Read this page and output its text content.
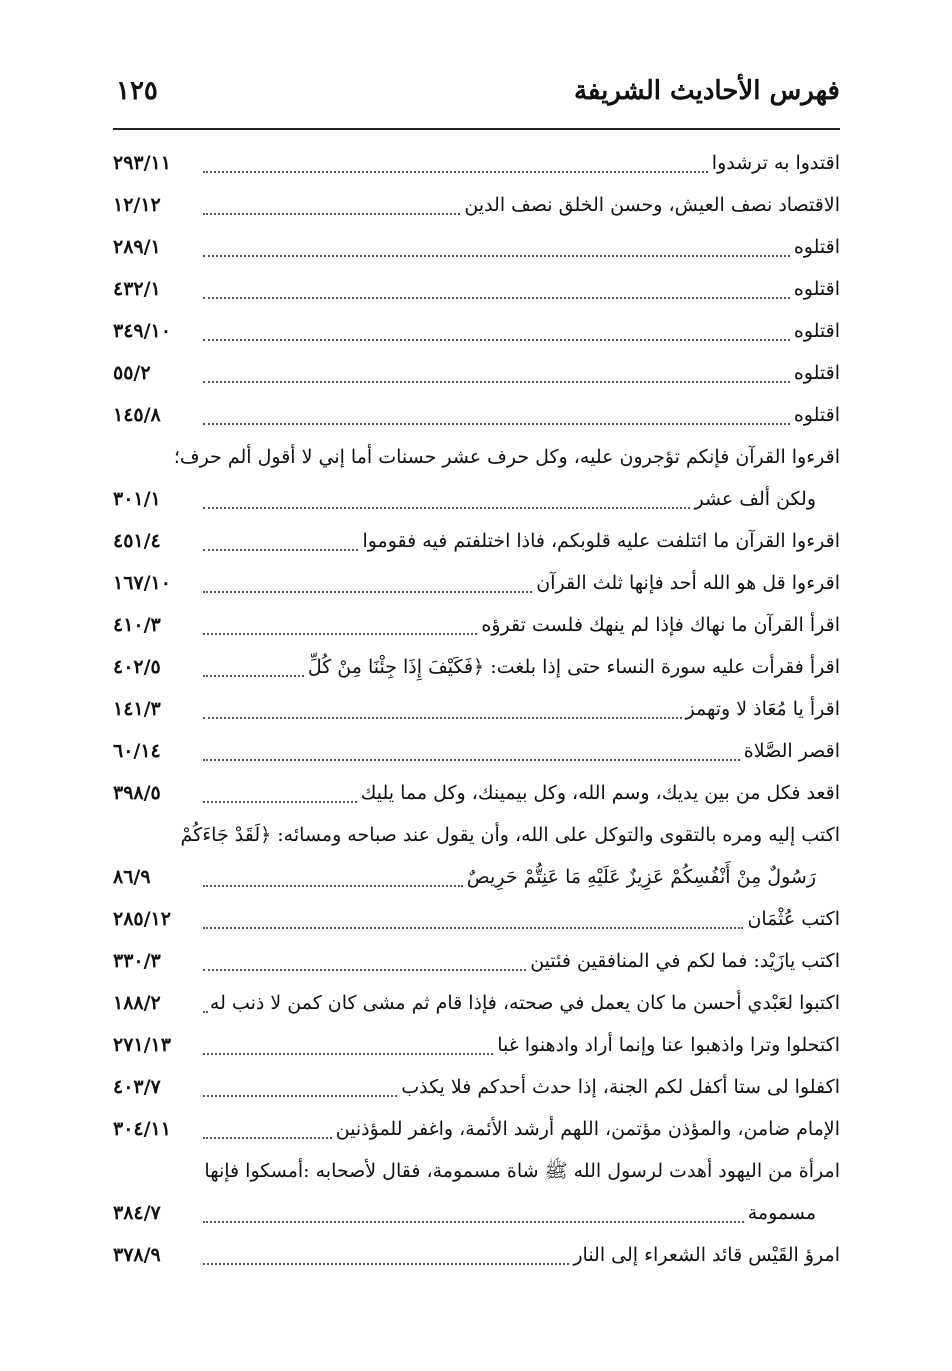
فهرس الأحاديث الشريفة
١٢٥
اقتدوا به ترشدوا
٢٩٣/١١
الاقتصاد نصف العيش، وحسن الخلق نصف الدين
١٢/١٢
اقتلوه
٢٨٩/١
اقتلوه
٤٣٢/١
اقتلوه
٣٤٩/١٠
اقتلوه
٥٥/٢
اقتلوه
١٤٥/٨
اقرءوا القرآن فإنكم تؤجرون عليه، وكل حرف عشر حسنات أما إني لا أقول ألم حرف؛
ولكن ألف عشر
٣٠١/١
اقرءوا القرآن ما ائتلفت عليه قلوبكم، فاذا اختلفتم فيه فقوموا
٤٥١/٤
اقرءوا قل هو الله أحد فإنها ثلث القرآن
١٦٧/١٠
اقرأ القرآن ما نهاك فإذا لم ينهك فلست تقرؤه
٤١٠/٣
اقرأ فقرأت عليه سورة النساء حتى إذا بلغت: ﴿فَكَيْفَ إِذَا جِئْنَا مِنْ كُلِّ
٤٠٢/٥
اقرأ يا مُعَاذ لا وتهمز
١٤١/٣
اقصر الصَّلاة
٦٠/١٤
اقعد فكل من بين يديك، وسم الله، وكل بيمينك، وكل مما يليك
٣٩٨/٥
اكتب إليه ومره بالتقوى والتوكل على الله، وأن يقول عند صباحه ومسائه: ﴿لَقَدْ جَاءَكُمْ
رَسُولٌ مِنْ أَنْفُسِكُمْ عَزِيزٌ عَلَيْهِ مَا عَنِتُّمْ حَرِيصٌ
٨٦/٩
اكتب عُثْمَان
٢٨٥/١٢
اكتب يازَيْد: فما لكم في المنافقين فئتين
٣٣٠/٣
اكتبوا لعَبْدي أحسن ما كان يعمل في صحته، فإذا قام ثم مشى كان كمن لا ذنب له
١٨٨/٢
اكتحلوا وترا واذهبوا عنا وإنما أراد وادهنوا غبا
٢٧١/١٣
اكفلوا لى ستا أكفل لكم الجنة، إذا حدث أحدكم فلا يكذب
٤٠٣/٧
الإمام ضامن، والمؤذن مؤتمن، اللهم أرشد الأئمة، واغفر للمؤذنين
٣٠٤/١١
امرأة من اليهود أهدت لرسول الله ﷺ شاة مسمومة، فقال لأصحابه :أمسكوا فإنها
مسمومة
٣٨٤/٧
امرؤ القَيْس قائد الشعراء إلى النار
٣٧٨/٩
